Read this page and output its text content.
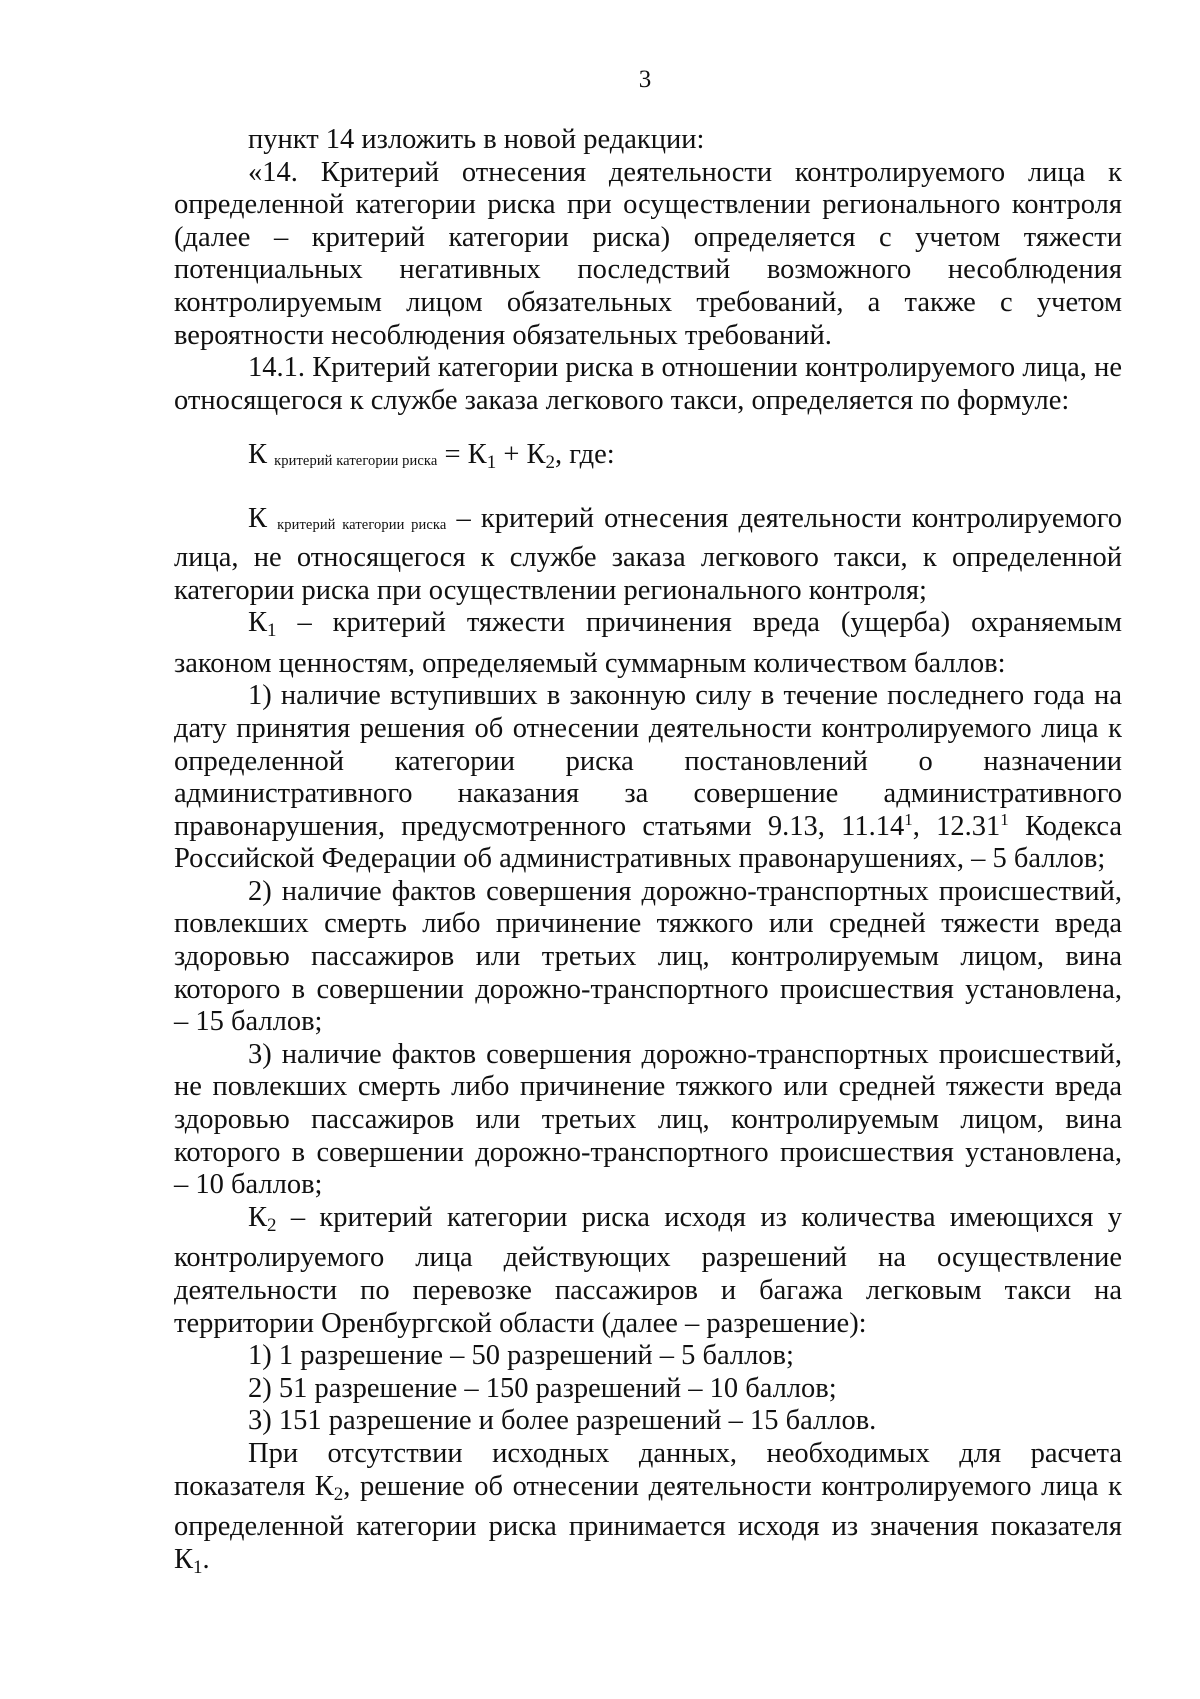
3

пункт 14 изложить в новой редакции:

«14. Критерий отнесения деятельности контролируемого лица к определенной категории риска при осуществлении регионального контроля (далее – критерий категории риска) определяется с учетом тяжести потенциальных негативных последствий возможного несоблюдения контролируемым лицом обязательных требований, а также с учетом вероятности несоблюдения обязательных требований.

14.1. Критерий категории риска в отношении контролируемого лица, не относящегося к службе заказа легкового такси, определяется по формуле:

К критерий категории риска = $К_1 + К_2$, где:

К критерий категории риска – критерий отнесения деятельности контролируемого лица, не относящегося к службе заказа легкового такси, к определенной категории риска при осуществлении регионального контроля;

$К_1$ – критерий тяжести причинения вреда (ущерба) охраняемым законом ценностям, определяемый суммарным количеством баллов:

1) наличие вступивших в законную силу в течение последнего года на дату принятия решения об отнесении деятельности контролируемого лица к определенной категории риска постановлений о назначении административного наказания за совершение административного правонарушения, предусмотренного статьями 9.13, 11.14$^1$, 12.31$^1$ Кодекса Российской Федерации об административных правонарушениях, – 5 баллов;

2) наличие фактов совершения дорожно-транспортных происшествий, повлекших смерть либо причинение тяжкого или средней тяжести вреда здоровью пассажиров или третьих лиц, контролируемым лицом, вина которого в совершении дорожно-транспортного происшествия установлена, – 15 баллов;

3) наличие фактов совершения дорожно-транспортных происшествий, не повлекших смерть либо причинение тяжкого или средней тяжести вреда здоровью пассажиров или третьих лиц, контролируемым лицом, вина которого в совершении дорожно-транспортного происшествия установлена, – 10 баллов;

$К_2$ – критерий категории риска исходя из количества имеющихся у контролируемого лица действующих разрешений на осуществление деятельности по перевозке пассажиров и багажа легковым такси на территории Оренбургской области (далее – разрешение):

1) 1 разрешение – 50 разрешений – 5 баллов;

2) 51 разрешение – 150 разрешений – 10 баллов;

3) 151 разрешение и более разрешений – 15 баллов.

При отсутствии исходных данных, необходимых для расчета показателя $К_2$, решение об отнесении деятельности контролируемого лица к определенной категории риска принимается исходя из значения показателя $К_1$.
